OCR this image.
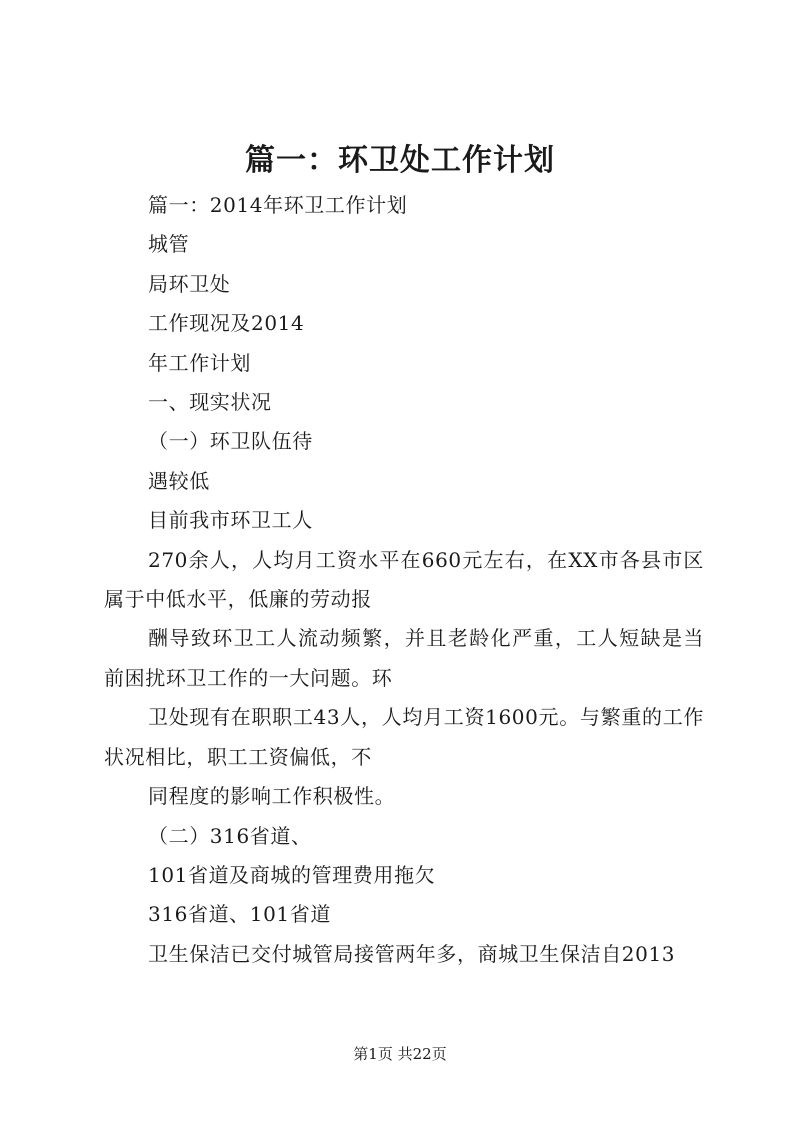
篇一：环卫处工作计划

篇一：2014年环卫工作计划

城管

局环卫处

工作现况及2014

年工作计划

一、现实状况

（一）环卫队伍待

遇较低

目前我市环卫工人

270余人，人均月工资水平在660元左右，在XX市各县市区属于中低水平，低廉的劳动报

酬导致环卫工人流动频繁，并且老龄化严重，工人短缺是当前困扰环卫工作的一大问题。环

卫处现有在职职工43人，人均月工资1600元。与繁重的工作状况相比，职工工资偏低，不

同程度的影响工作积极性。

（二）316省道、

101省道及商城的管理费用拖欠

316省道、101省道

卫生保洁已交付城管局接管两年多，商城卫生保洁自2013

第1页 共22页
